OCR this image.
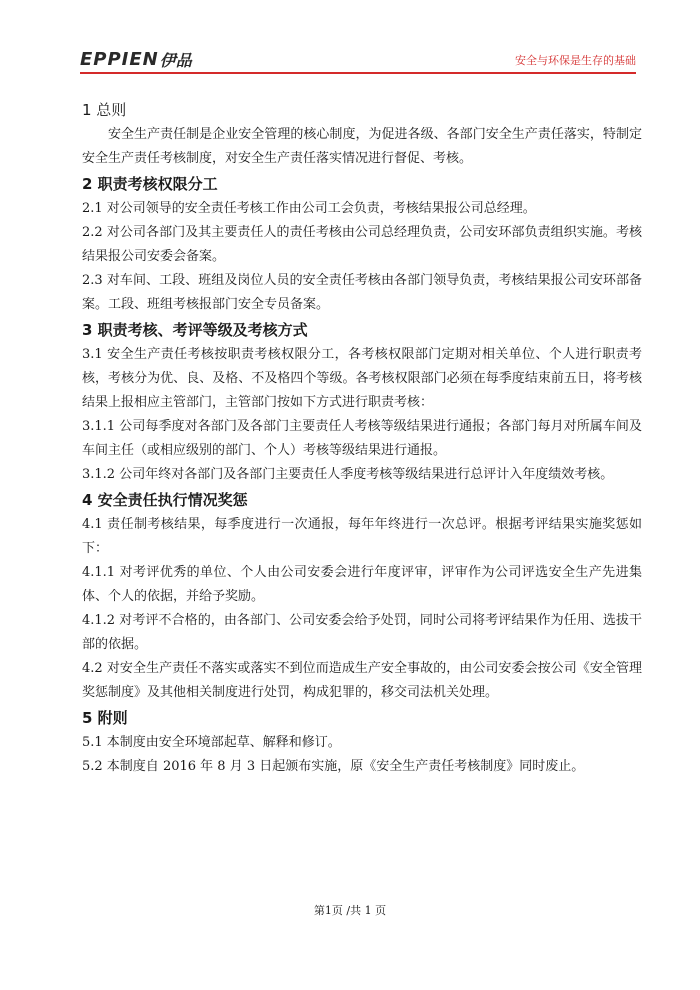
EPPIEN 伊品	安全与环保是生存的基础

1 总则

安全生产责任制是企业安全管理的核心制度，为促进各级、各部门安全生产责任落实，特制定安全生产责任考核制度，对安全生产责任落实情况进行督促、考核。

2 职责考核权限分工

2.1 对公司领导的安全责任考核工作由公司工会负责，考核结果报公司总经理。

2.2 对公司各部门及其主要责任人的责任考核由公司总经理负责，公司安环部负责组织实施。考核结果报公司安委会备案。

2.3 对车间、工段、班组及岗位人员的安全责任考核由各部门领导负责，考核结果报公司安环部备案。工段、班组考核报部门安全专员备案。

3 职责考核、考评等级及考核方式

3.1 安全生产责任考核按职责考核权限分工，各考核权限部门定期对相关单位、个人进行职责考核，考核分为优、良、及格、不及格四个等级。各考核权限部门必须在每季度结束前五日，将考核结果上报相应主管部门，主管部门按如下方式进行职责考核：

3.1.1 公司每季度对各部门及各部门主要责任人考核等级结果进行通报；各部门每月对所属车间及车间主任（或相应级别的部门、个人）考核等级结果进行通报。

3.1.2 公司年终对各部门及各部门主要责任人季度考核等级结果进行总评计入年度绩效考核。

4 安全责任执行情况奖惩

4.1 责任制考核结果，每季度进行一次通报，每年年终进行一次总评。根据考评结果实施奖惩如下：

4.1.1 对考评优秀的单位、个人由公司安委会进行年度评审，评审作为公司评选安全生产先进集体、个人的依据，并给予奖励。

4.1.2 对考评不合格的，由各部门、公司安委会给予处罚，同时公司将考评结果作为任用、选拔干部的依据。

4.2 对安全生产责任不落实或落实不到位而造成生产安全事故的，由公司安委会按公司《安全管理奖惩制度》及其他相关制度进行处罚，构成犯罪的，移交司法机关处理。

5 附则

5.1 本制度由安全环境部起草、解释和修订。

5.2 本制度自 2016 年 8 月 3 日起颁布实施，原《安全生产责任考核制度》同时废止。

第1页 /共 1 页
